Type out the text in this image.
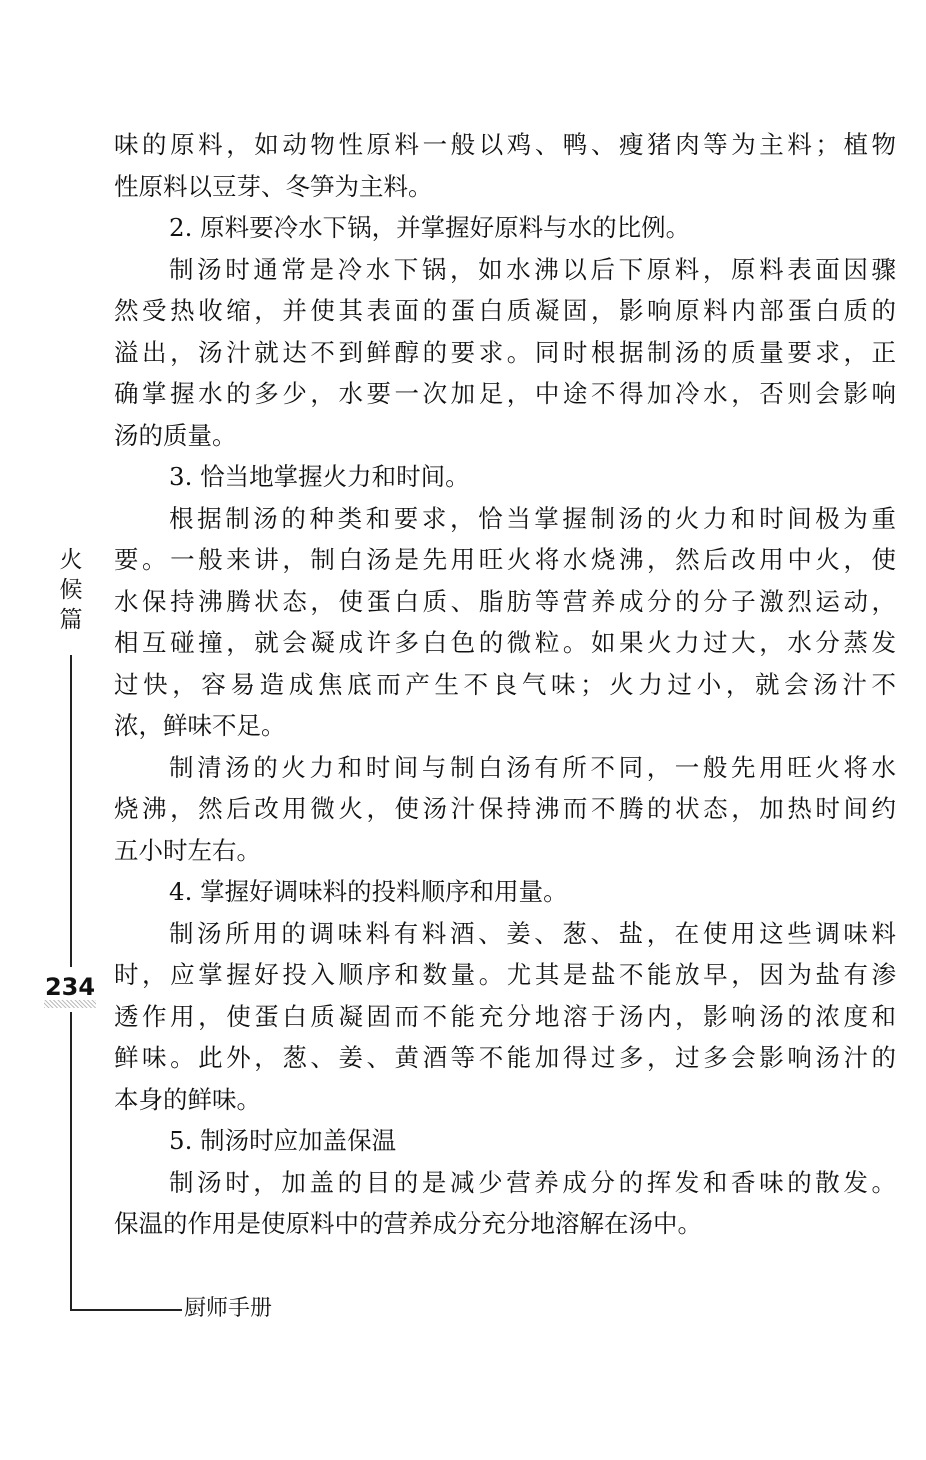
味的原料，如动物性原料一般以鸡、鸭、瘦猪肉等为主料；植物
性原料以豆芽、冬笋为主料。
2. 原料要冷水下锅，并掌握好原料与水的比例。
制汤时通常是冷水下锅，如水沸以后下原料，原料表面因骤
然受热收缩，并使其表面的蛋白质凝固，影响原料内部蛋白质的
溢出，汤汁就达不到鲜醇的要求。同时根据制汤的质量要求，正
确掌握水的多少，水要一次加足，中途不得加冷水，否则会影响
汤的质量。
3. 恰当地掌握火力和时间。
根据制汤的种类和要求，恰当掌握制汤的火力和时间极为重
要。一般来讲，制白汤是先用旺火将水烧沸，然后改用中火，使
水保持沸腾状态，使蛋白质、脂肪等营养成分的分子激烈运动，
相互碰撞，就会凝成许多白色的微粒。如果火力过大，水分蒸发
过快，容易造成焦底而产生不良气味；火力过小，就会汤汁不
浓，鲜味不足。
制清汤的火力和时间与制白汤有所不同，一般先用旺火将水
烧沸，然后改用微火，使汤汁保持沸而不腾的状态，加热时间约
五小时左右。
4. 掌握好调味料的投料顺序和用量。
制汤所用的调味料有料酒、姜、葱、盐，在使用这些调味料
时，应掌握好投入顺序和数量。尤其是盐不能放早，因为盐有渗
透作用，使蛋白质凝固而不能充分地溶于汤内，影响汤的浓度和
鲜味。此外，葱、姜、黄酒等不能加得过多，过多会影响汤汁的
本身的鲜味。
5. 制汤时应加盖保温
制汤时，加盖的目的是减少营养成分的挥发和香味的散发。
保温的作用是使原料中的营养成分充分地溶解在汤中。
火
候
篇
234
厨师手册
